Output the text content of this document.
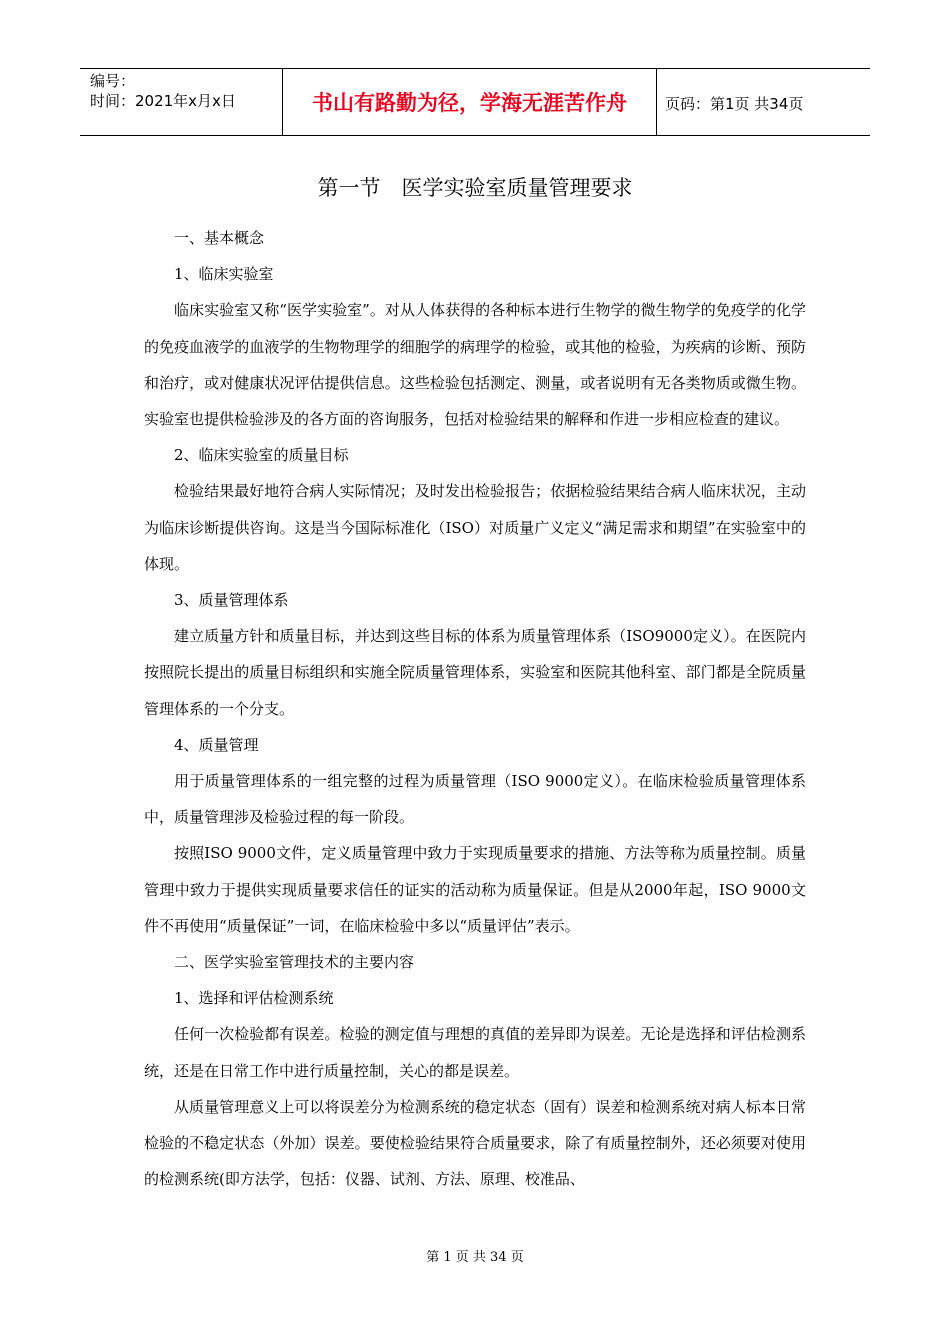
编号：
时间：2021年x月x日	书山有路勤为径，学海无涯苦作舟	页码：第1页 共34页
第一节　医学实验室质量管理要求

一、基本概念

1、临床实验室

临床实验室又称“医学实验室”。对从人体获得的各种标本进行生物学的微生物学的免疫学的化学的免疫血液学的血液学的生物物理学的细胞学的病理学的检验，或其他的检验，为疾病的诊断、预防和治疗，或对健康状况评估提供信息。这些检验包括测定、测量，或者说明有无各类物质或微生物。实验室也提供检验涉及的各方面的咨询服务，包括对检验结果的解释和作进一步相应检查的建议。

2、临床实验室的质量目标

检验结果最好地符合病人实际情况；及时发出检验报告；依据检验结果结合病人临床状况，主动为临床诊断提供咨询。这是当今国际标准化（ISO）对质量广义定义“满足需求和期望”在实验室中的体现。

3、质量管理体系

建立质量方针和质量目标，并达到这些目标的体系为质量管理体系（ISO9000定义）。在医院内按照院长提出的质量目标组织和实施全院质量管理体系，实验室和医院其他科室、部门都是全院质量管理体系的一个分支。

4、质量管理

用于质量管理体系的一组完整的过程为质量管理（ISO 9000定义）。在临床检验质量管理体系中，质量管理涉及检验过程的每一阶段。

按照ISO 9000文件，定义质量管理中致力于实现质量要求的措施、方法等称为质量控制。质量管理中致力于提供实现质量要求信任的证实的活动称为质量保证。但是从2000年起，ISO 9000文件不再使用“质量保证”一词，在临床检验中多以“质量评估”表示。

二、医学实验室管理技术的主要内容

1、选择和评估检测系统

任何一次检验都有误差。检验的测定值与理想的真值的差异即为误差。无论是选择和评估检测系统，还是在日常工作中进行质量控制，关心的都是误差。

从质量管理意义上可以将误差分为检测系统的稳定状态（固有）误差和检测系统对病人标本日常检验的不稳定状态（外加）误差。要使检验结果符合质量要求，除了有质量控制外，还必须要对使用的检测系统(即方法学，包括：仪器、试剂、方法、原理、校准品、

第 1 页 共 34 页
